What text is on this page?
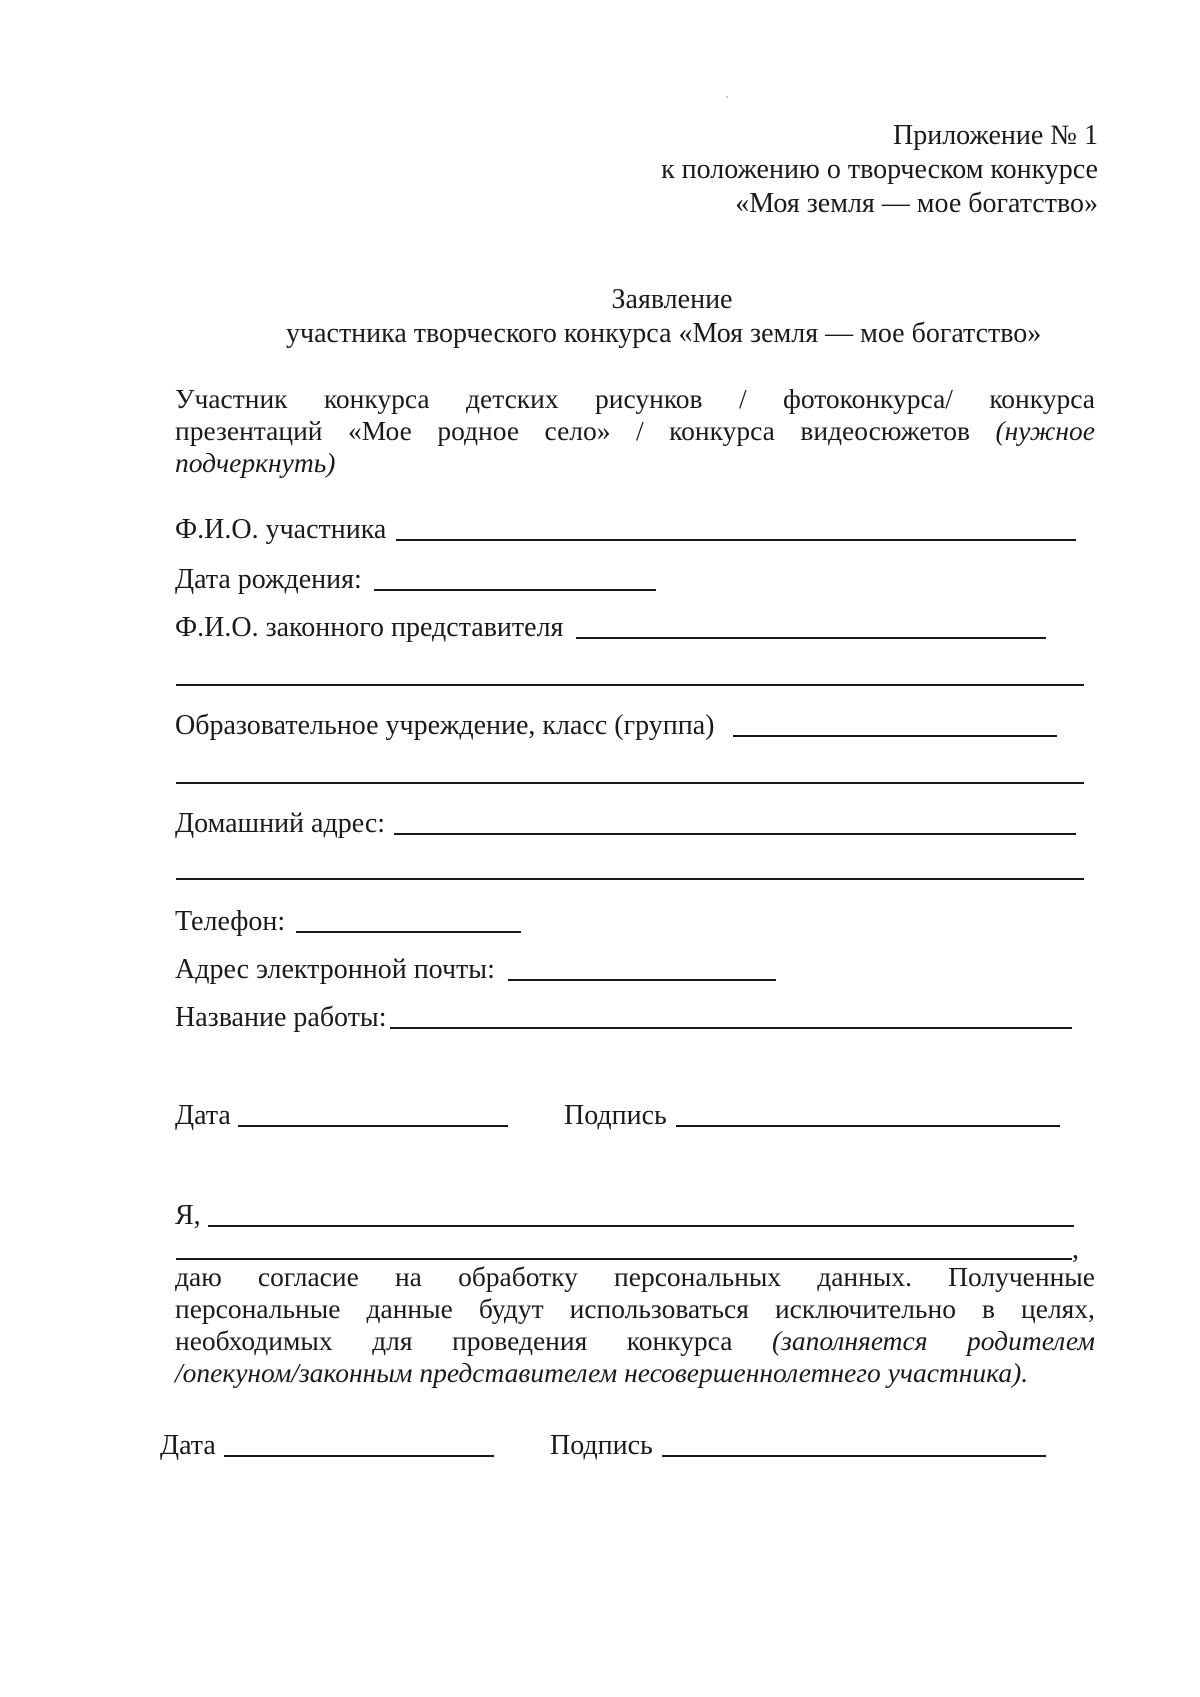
Приложение № 1
к положению о творческом конкурсе
«Моя земля — мое богатство»
Заявление
участника творческого конкурса «Моя земля — мое богатство»
Участник конкурса детских рисунков / фотоконкурса/ конкурса
презентаций «Мое родное село» / конкурса видеосюжетов (нужное
подчеркнуть)
Ф.И.О. участника
Дата рождения:
Ф.И.О. законного представителя
Образовательное учреждение, класс (группа)
Домашний адрес:
Телефон:
Адрес электронной почты:
Название работы:
Дата	Подпись
Я,
,
даю согласие на обработку персональных данных. Полученные
персональные данные будут использоваться исключительно в целях,
необходимых для проведения конкурса (заполняется родителем
/опекуном/законным представителем несовершеннолетнего участника).
Дата	Подпись
